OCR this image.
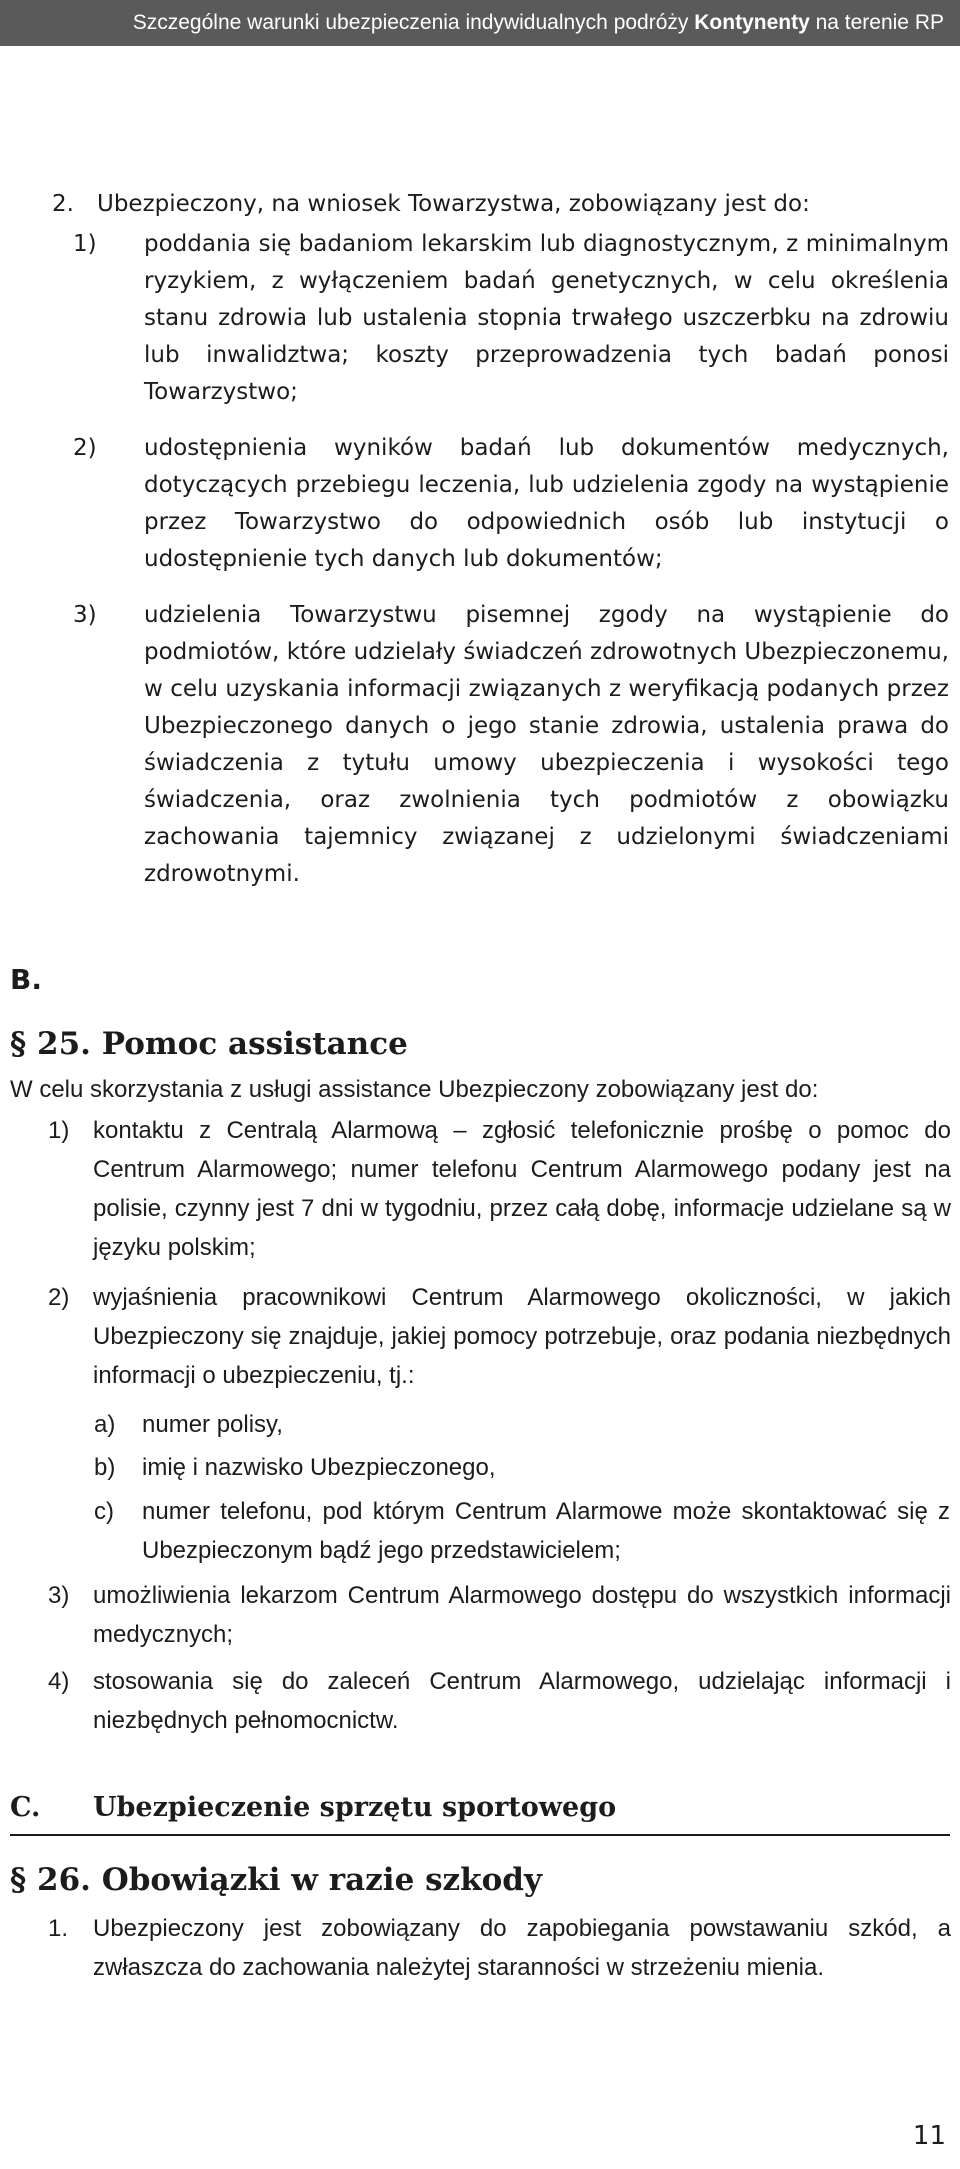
Szczególne warunki ubezpieczenia indywidualnych podróży Kontynenty na terenie RP
2. Ubezpieczony, na wniosek Towarzystwa, zobowiązany jest do:
1) poddania się badaniom lekarskim lub diagnostycznym, z minimalnym ryzykiem, z wyłączeniem badań genetycznych, w celu określenia stanu zdrowia lub ustalenia stopnia trwałego uszczerbku na zdrowiu lub inwalidztwa; koszty przeprowadzenia tych badań ponosi Towarzystwo;
2) udostępnienia wyników badań lub dokumentów medycznych, dotyczących przebiegu leczenia, lub udzielenia zgody na wystąpienie przez Towarzystwo do odpowiednich osób lub instytucji o udostępnienie tych danych lub dokumentów;
3) udzielenia Towarzystwu pisemnej zgody na wystąpienie do podmiotów, które udzielały świadczeń zdrowotnych Ubezpieczonemu, w celu uzyskania informacji związanych z weryfikacją podanych przez Ubezpieczonego danych o jego stanie zdrowia, ustalenia prawa do świadczenia z tytułu umowy ubezpieczenia i wysokości tego świadczenia, oraz zwolnienia tych podmiotów z obowiązku zachowania tajemnicy związanej z udzielonymi świadczeniami zdrowotnymi.
B.
§ 25. Pomoc assistance
W celu skorzystania z usługi assistance Ubezpieczony zobowiązany jest do:
1) kontaktu z Centralą Alarmową – zgłosić telefonicznie prośbę o pomoc do Centrum Alarmowego; numer telefonu Centrum Alarmowego podany jest na polisie, czynny jest 7 dni w tygodniu, przez całą dobę, informacje udzielane są w języku polskim;
2) wyjaśnienia pracownikowi Centrum Alarmowego okoliczności, w jakich Ubezpieczony się znajduje, jakiej pomocy potrzebuje, oraz podania niezbędnych informacji o ubezpieczeniu, tj.:
a) numer polisy,
b) imię i nazwisko Ubezpieczonego,
c) numer telefonu, pod którym Centrum Alarmowe może skontaktować się z Ubezpieczonym bądź jego przedstawicielem;
3) umożliwienia lekarzom Centrum Alarmowego dostępu do wszystkich informacji medycznych;
4) stosowania się do zaleceń Centrum Alarmowego, udzielając informacji i niezbędnych pełnomocnictw.
C. Ubezpieczenie sprzętu sportowego
§ 26. Obowiązki w razie szkody
1. Ubezpieczony jest zobowiązany do zapobiegania powstawaniu szkód, a zwłaszcza do zachowania należytej staranności w strzeżeniu mienia.
11
